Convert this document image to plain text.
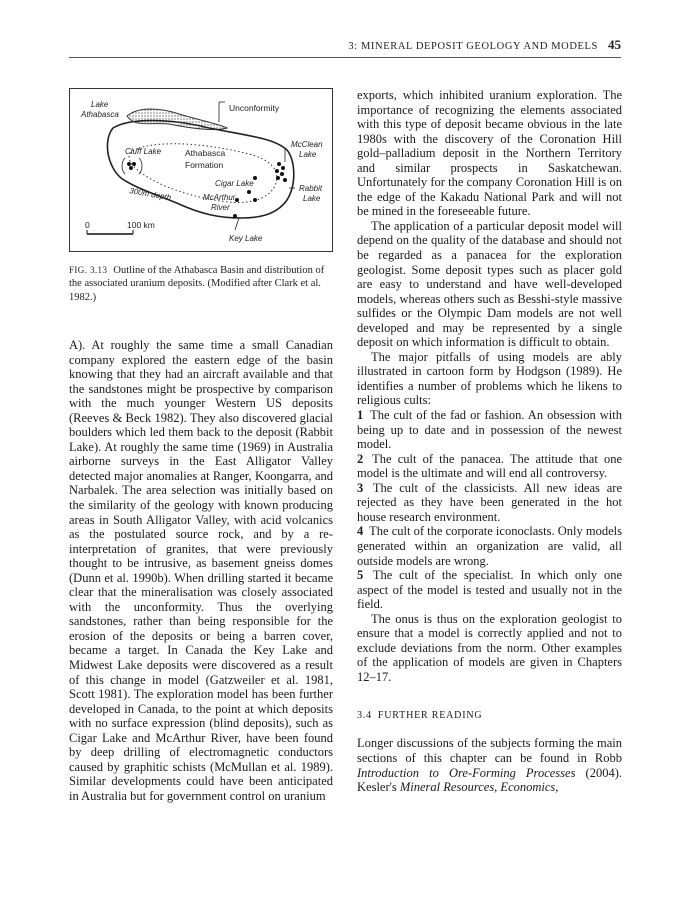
3: MINERAL DEPOSIT GEOLOGY AND MODELS 45
Lake
Athabasca
Unconformity
McClean
Lake
Cluff Lake	Athabasca
Formation
Cigar Lake
300m depth	McArthur
River
Rabbit
Lake
Key Lake
0	100 km
FIG. 3.13 Outline of the Athabasca Basin and distribution of the associated uranium deposits. (Modified after Clark et al. 1982.)

A). At roughly the same time a small Canadian company explored the eastern edge of the basin knowing that they had an aircraft available and that the sandstones might be prospective by comparison with the much younger Western US deposits (Reeves & Beck 1982). They also discovered glacial boulders which led them back to the deposit (Rabbit Lake). At roughly the same time (1969) in Australia airborne surveys in the East Alligator Valley detected major anomalies at Ranger, Koongarra, and Narbalek. The area selection was initially based on the similarity of the geology with known producing areas in South Alligator Valley, with acid volcanics as the postulated source rock, and by a re-interpretation of granites, that were previously thought to be intrusive, as basement gneiss domes (Dunn et al. 1990b). When drilling started it became clear that the mineralisation was closely associated with the unconformity. Thus the overlying sandstones, rather than being responsible for the erosion of the deposits or being a barren cover, became a target. In Canada the Key Lake and Midwest Lake deposits were discovered as a result of this change in model (Gatzweiler et al. 1981, Scott 1981). The exploration model has been further developed in Canada, to the point at which deposits with no surface expression (blind deposits), such as Cigar Lake and McArthur River, have been found by deep drilling of electromagnetic conductors caused by graphitic schists (McMullan et al. 1989). Similar developments could have been anticipated in Australia but for government control on uranium

exports, which inhibited uranium exploration. The importance of recognizing the elements associated with this type of deposit became obvious in the late 1980s with the discovery of the Coronation Hill gold–palladium deposit in the Northern Territory and similar prospects in Saskatchewan. Unfortunately for the company Coronation Hill is on the edge of the Kakadu National Park and will not be mined in the foreseeable future.

The application of a particular deposit model will depend on the quality of the database and should not be regarded as a panacea for the exploration geologist. Some deposit types such as placer gold are easy to understand and have well-developed models, whereas others such as Besshi-style massive sulfides or the Olympic Dam models are not well developed and may be represented by a single deposit on which information is difficult to obtain.

The major pitfalls of using models are ably illustrated in cartoon form by Hodgson (1989). He identifies a number of problems which he likens to religious cults:

1 The cult of the fad or fashion. An obsession with being up to date and in possession of the newest model.

2 The cult of the panacea. The attitude that one model is the ultimate and will end all controversy.

3 The cult of the classicists. All new ideas are rejected as they have been generated in the hot house research environment.

4 The cult of the corporate iconoclasts. Only models generated within an organization are valid, all outside models are wrong.

5 The cult of the specialist. In which only one aspect of the model is tested and usually not in the field.

The onus is thus on the exploration geologist to ensure that a model is correctly applied and not to exclude deviations from the norm. Other examples of the application of models are given in Chapters 12–17.

3.4 FURTHER READING

Longer discussions of the subjects forming the main sections of this chapter can be found in Robb Introduction to Ore-Forming Processes (2004). Kesler's Mineral Resources, Economics,
